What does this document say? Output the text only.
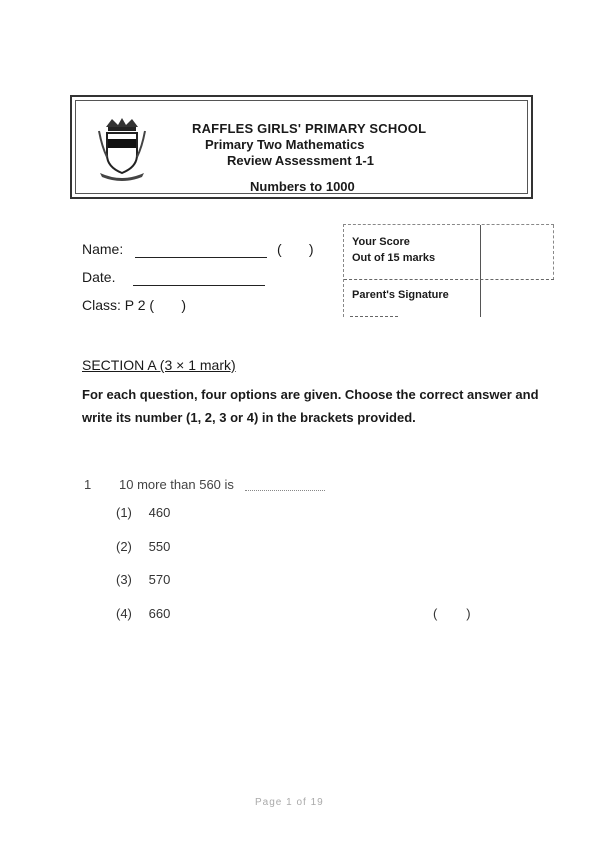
RAFFLES GIRLS' PRIMARY SCHOOL
Primary Two Mathematics
Review Assessment 1-1
Numbers to 1000
Name:	(       )
Date.
Class: P 2 (       )
Your Score
Out of 15 marks
Parent's Signature
SECTION A (3 × 1 mark)
For each question, four options are given. Choose the correct answer and write its number (1, 2, 3 or 4) in the brackets provided.
1 10 more than 560 is
(1) 460
(2) 550
(3) 570
(4) 660	(        )
Page 1 of 19
